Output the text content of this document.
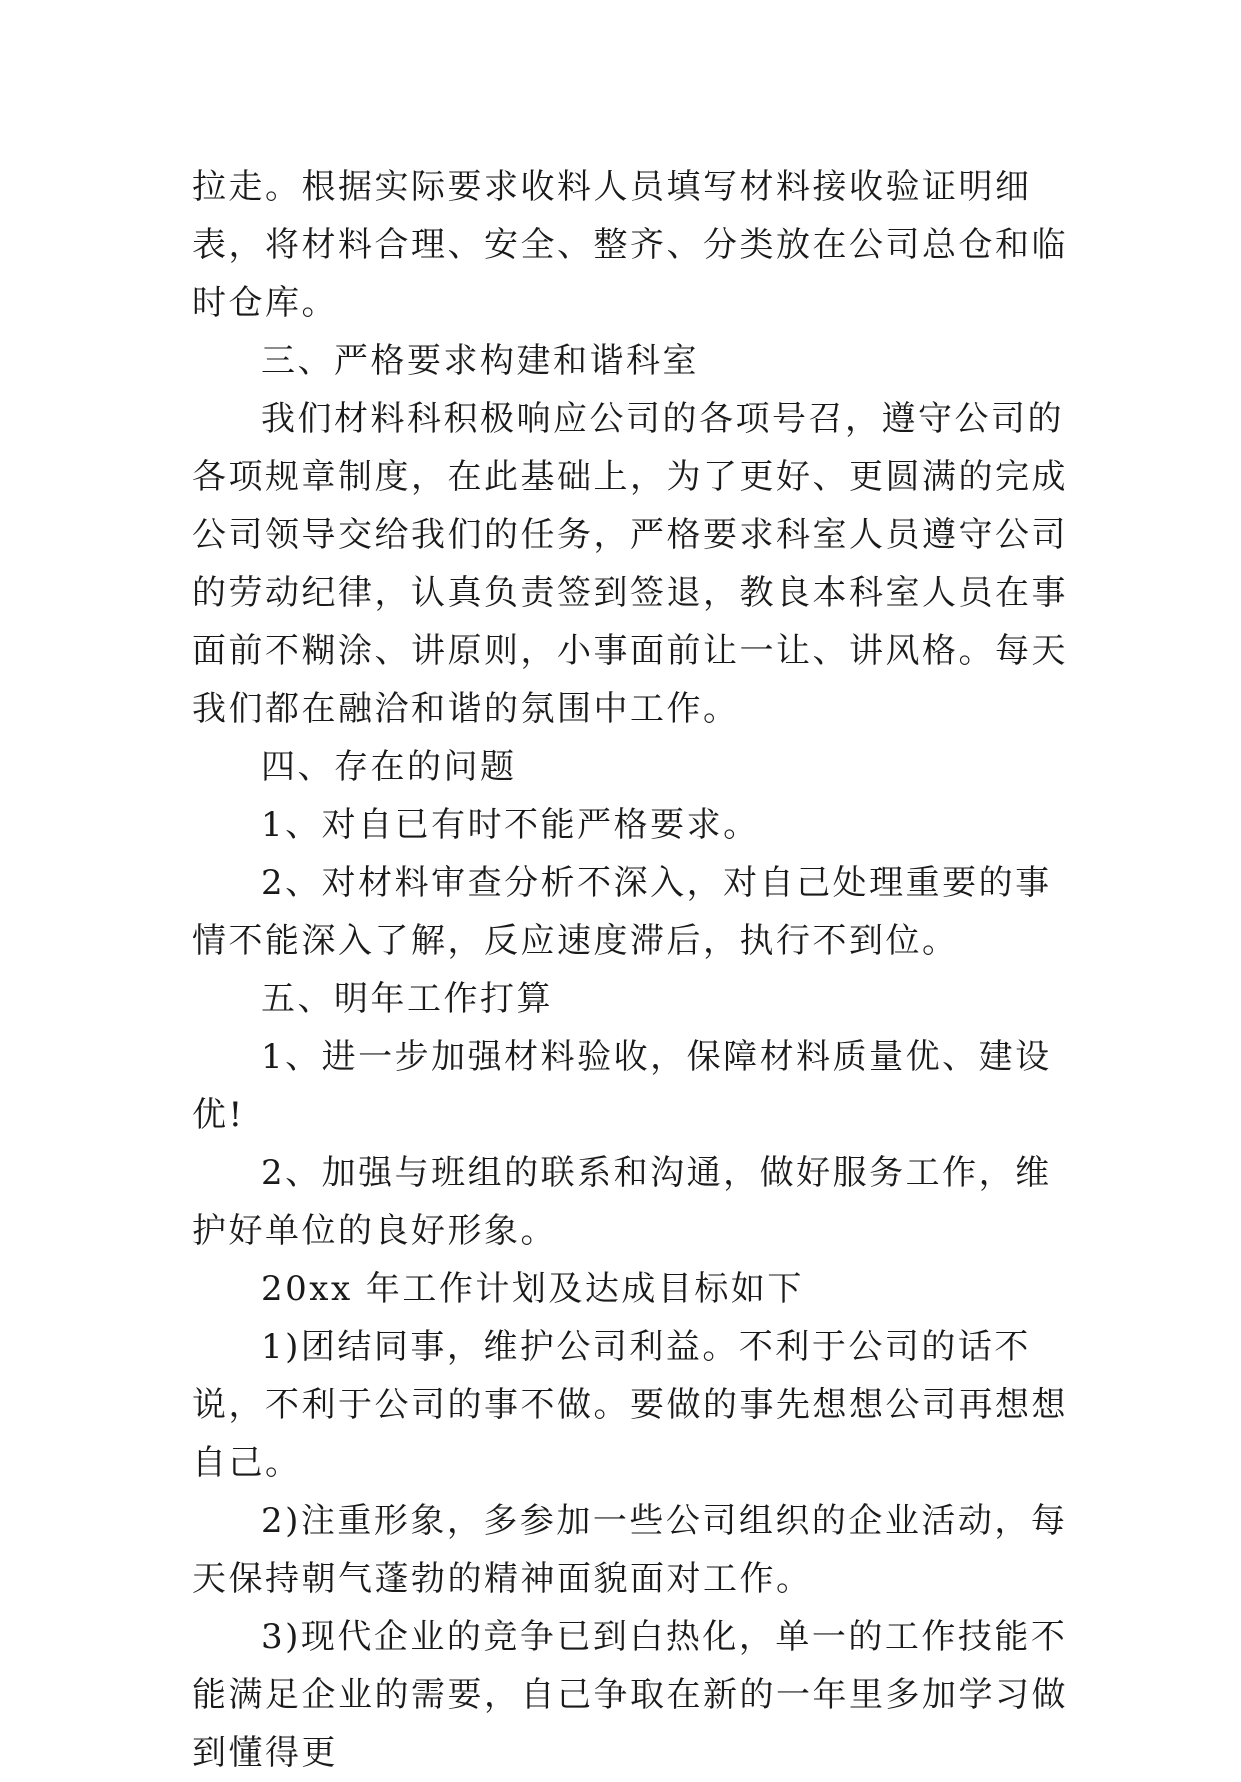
拉走。根据实际要求收料人员填写材料接收验证明细表，将材料合理、安全、整齐、分类放在公司总仓和临时仓库。

三、严格要求构建和谐科室

我们材料科积极响应公司的各项号召，遵守公司的各项规章制度，在此基础上，为了更好、更圆满的完成公司领导交给我们的任务，严格要求科室人员遵守公司的劳动纪律，认真负责签到签退，教良本科室人员在事面前不糊涂、讲原则，小事面前让一让、讲风格。每天我们都在融洽和谐的氛围中工作。

四、存在的问题

1、对自已有时不能严格要求。

2、对材料审查分析不深入，对自己处理重要的事情不能深入了解，反应速度滞后，执行不到位。

五、明年工作打算

1、进一步加强材料验收，保障材料质量优、建设优!

2、加强与班组的联系和沟通，做好服务工作，维护好单位的良好形象。

20xx 年工作计划及达成目标如下

1)团结同事，维护公司利益。不利于公司的话不说，不利于公司的事不做。要做的事先想想公司再想想自己。

2)注重形象，多参加一些公司组织的企业活动，每天保持朝气蓬勃的精神面貌面对工作。

3)现代企业的竞争已到白热化，单一的工作技能不能满足企业的需要，自己争取在新的一年里多加学习做到懂得更
